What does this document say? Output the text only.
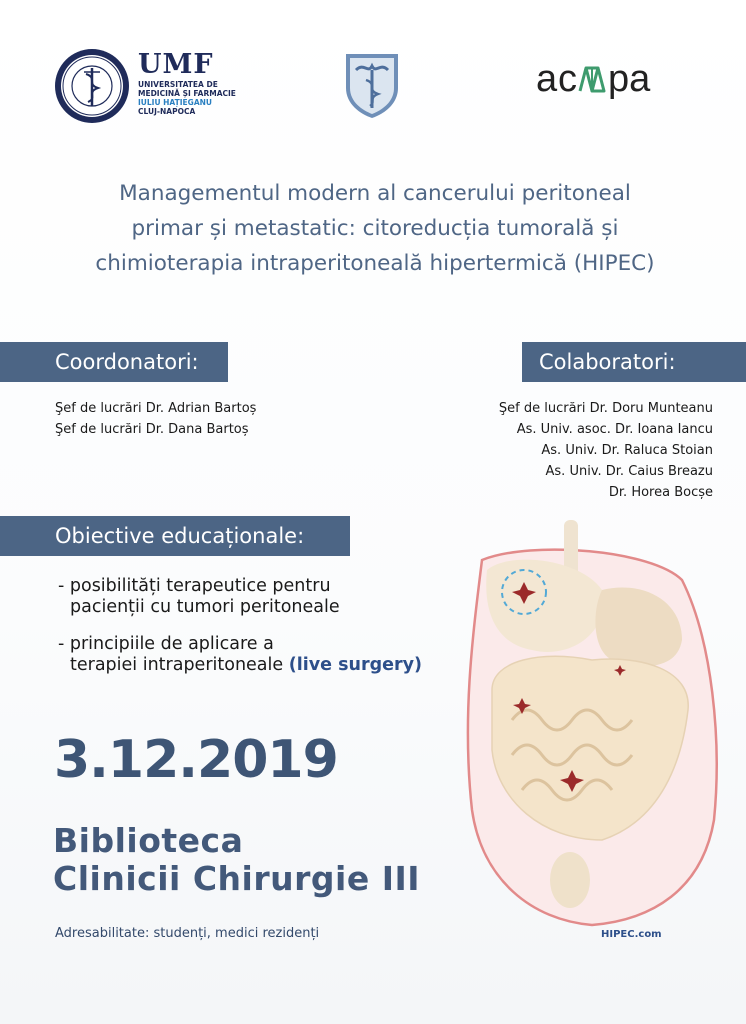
UMF
UNIVERSITATEA DE
MEDICINĂ ȘI FARMACIE
IULIU HAȚIEGANU
CLUJ-NAPOCA
a c pa
Managementul modern al cancerului peritoneal
primar și metastatic: citoreducția tumorală și
chimioterapia intraperitoneală hipertermică (HIPEC)
Coordonatori:
Şef de lucrări Dr. Adrian Bartoș
Şef de lucrări Dr. Dana Bartoș
Colaboratori:
Şef de lucrări Dr. Doru Munteanu
As. Univ. asoc. Dr. Ioana Iancu
As. Univ. Dr. Raluca Stoian
As. Univ. Dr. Caius Breazu
Dr. Horea Bocșe
Obiective educaționale:
- posibilități terapeutice pentru
pacienții cu tumori peritoneale
- principiile de aplicare a
terapiei intraperitoneale (live surgery)
3.12.2019
Biblioteca
Clinicii Chirurgie III
Adresabilitate: studenți, medici rezidenți	HIPEC.com
